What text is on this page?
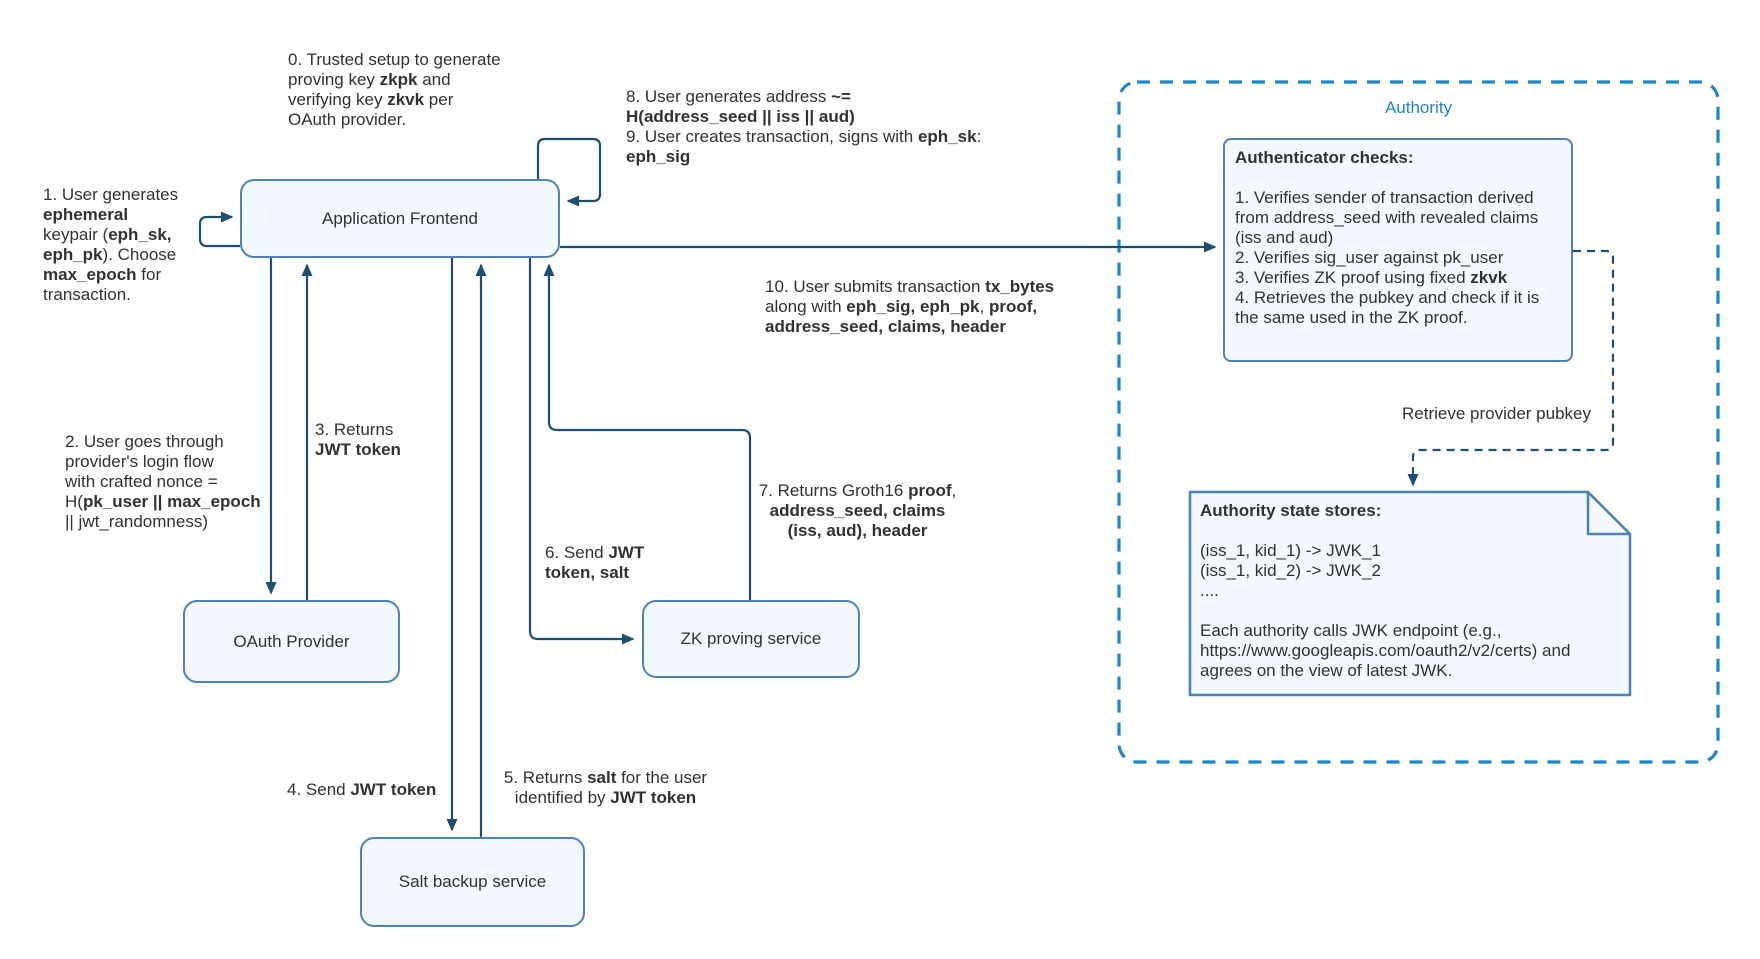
Application Frontend
OAuth Provider	ZK proving service
Salt backup service
Authority
Authenticator checks:

1. Verifies sender of transaction derived
from address_seed with revealed claims
(iss and aud)
2. Verifies sig_user against pk_user
3. Verifies ZK proof using fixed zkvk
4. Retrieves the pubkey and check if it is
the same used in the ZK proof.
Authority state stores:

(iss_1, kid_1) -> JWK_1
(iss_1, kid_2) -> JWK_2
....

Each authority calls JWK endpoint (e.g.,
https://www.googleapis.com/oauth2/v2/certs) and
agrees on the view of latest JWK.
Retrieve provider pubkey
0. Trusted setup to generate
proving key zkpk and
verifying key zkvk per
OAuth provider.
1. User generates
ephemeral
keypair (eph_sk,
eph_pk). Choose
max_epoch for
transaction.
2. User goes through
provider's login flow
with crafted nonce =
H(pk_user || max_epoch
|| jwt_randomness)
3. Returns
JWT token
4. Send JWT token
5. Returns salt for the user
identified by JWT token
6. Send JWT
token, salt
7. Returns Groth16 proof,
address_seed, claims
(iss, aud), header
8. User generates address ~=
H(address_seed || iss || aud)
9. User creates transaction, signs with eph_sk:
eph_sig
10. User submits transaction tx_bytes
along with eph_sig, eph_pk, proof,
address_seed, claims, header
